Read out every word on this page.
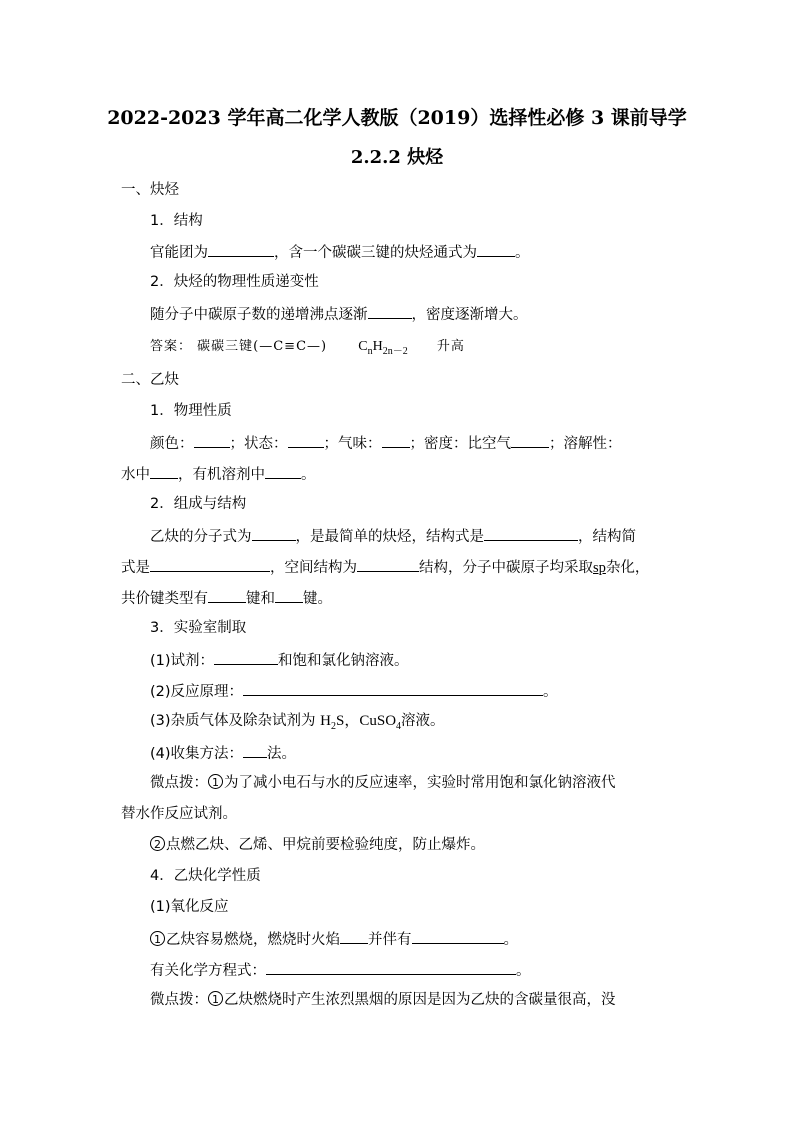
2022-2023 学年高二化学人教版（2019）选择性必修 3 课前导学
2.2.2 炔烃
一、炔烃
1．结构
官能团为	，含一个碳碳三键的炔烃通式为	。
2．炔烃的物理性质递变性
随分子中碳原子数的递增沸点逐渐	，密度逐渐增大。
答案： 碳碳三键(—C≡C—) $C_nH_{2n-2}$ 升高
二、乙炔
1．物理性质
颜色： ；状态： ；气味： ；密度：比空气	；溶解性：
水中 ，有机溶剂中 。
2．组成与结构
乙炔的分子式为	，是最简单的炔烃，结构式是	，结构简
式是	，空间结构为	结构，分子中碳原子均采取sp杂化，
共价键类型有	键和 键。
3．实验室制取
(1)试剂：	和饱和氯化钠溶液。
(2)反应原理：	。
(3)杂质气体及除杂试剂为 $H_2S$，CuSO$_4$溶液。
(4)收集方法： 法。
微点拨： 1 为了减小电石与水的反应速率，实验时常用饱和氯化钠溶液代
替水作反应试剂。
2 点燃乙炔、乙烯、甲烷前要检验纯度，防止爆炸。
4．乙炔化学性质
(1)氧化反应
1 乙炔容易燃烧，燃烧时火焰 并伴有	。
有关化学方程式：	。
微点拨： 1 乙炔燃烧时产生浓烈黑烟的原因是因为乙炔的含碳量很高，没
